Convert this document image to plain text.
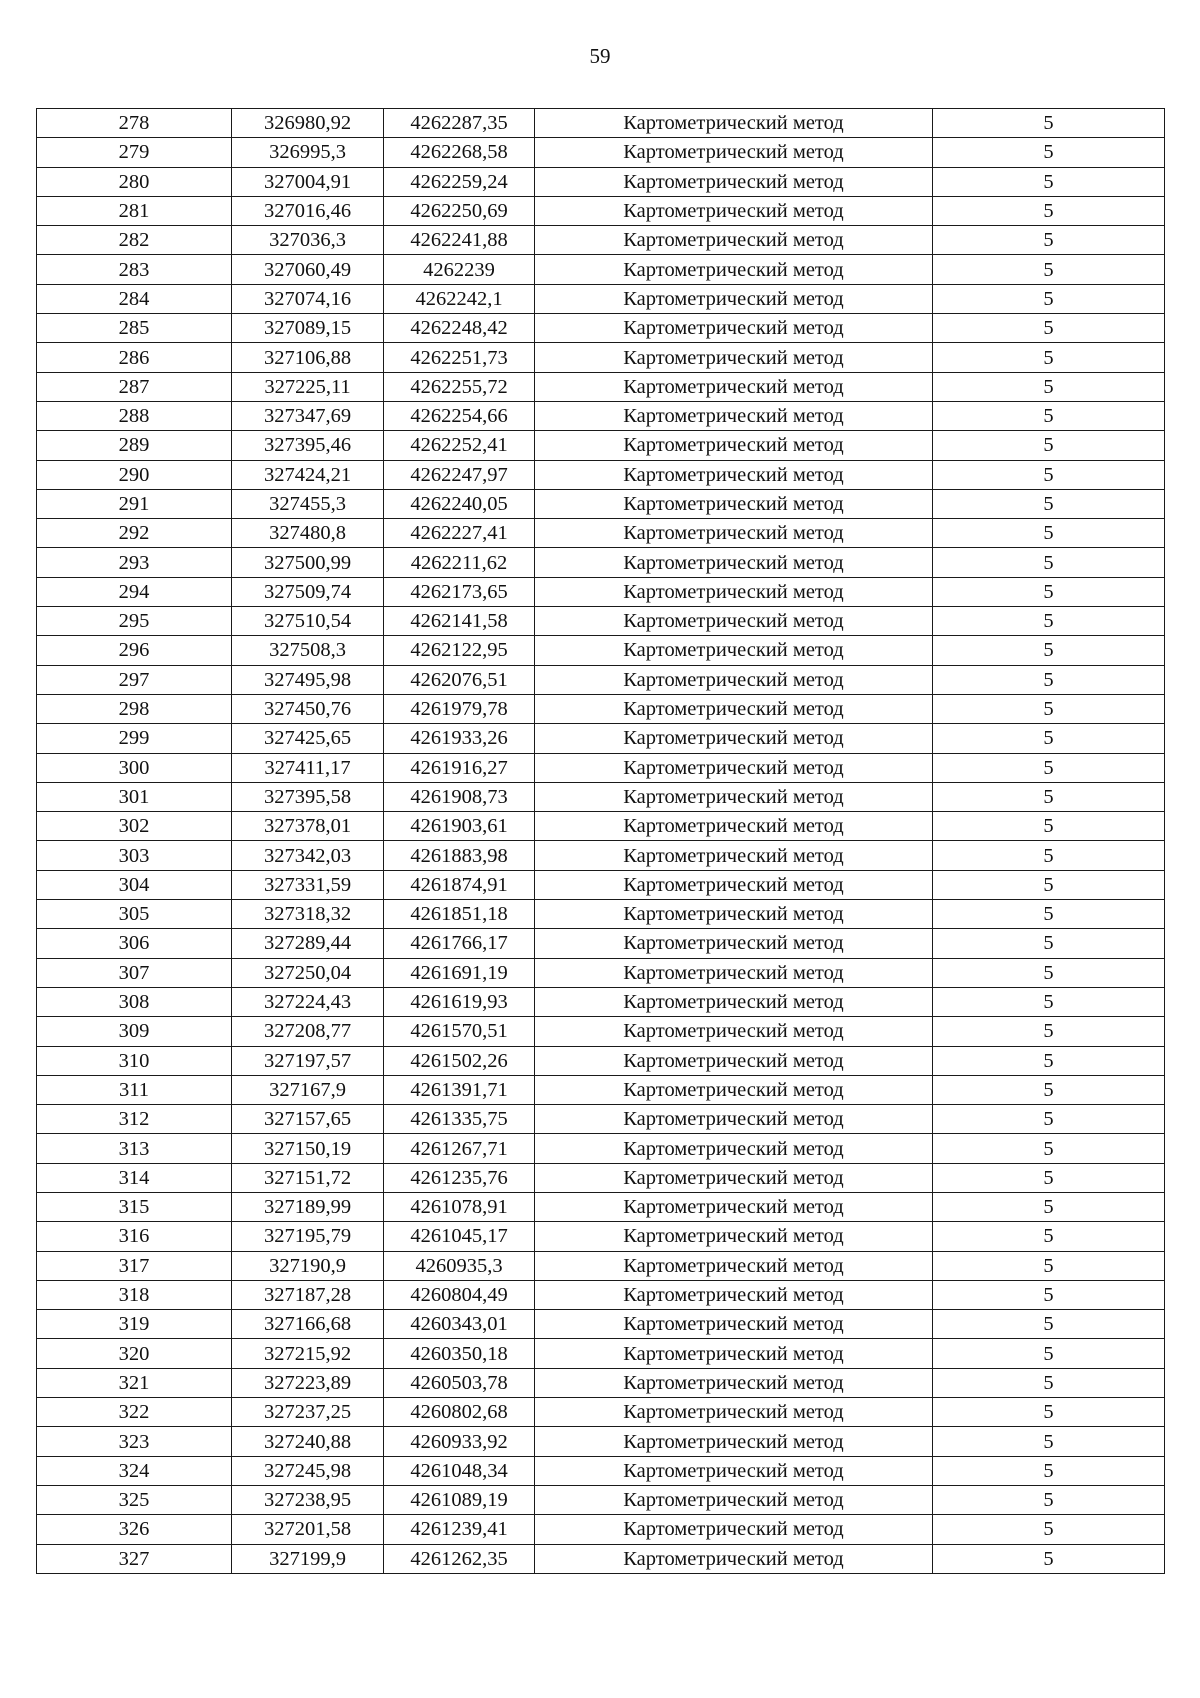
59
278	326980,92	4262287,35	Картометрический метод	5
279	326995,3	4262268,58	Картометрический метод	5
280	327004,91	4262259,24	Картометрический метод	5
281	327016,46	4262250,69	Картометрический метод	5
282	327036,3	4262241,88	Картометрический метод	5
283	327060,49	4262239	Картометрический метод	5
284	327074,16	4262242,1	Картометрический метод	5
285	327089,15	4262248,42	Картометрический метод	5
286	327106,88	4262251,73	Картометрический метод	5
287	327225,11	4262255,72	Картометрический метод	5
288	327347,69	4262254,66	Картометрический метод	5
289	327395,46	4262252,41	Картометрический метод	5
290	327424,21	4262247,97	Картометрический метод	5
291	327455,3	4262240,05	Картометрический метод	5
292	327480,8	4262227,41	Картометрический метод	5
293	327500,99	4262211,62	Картометрический метод	5
294	327509,74	4262173,65	Картометрический метод	5
295	327510,54	4262141,58	Картометрический метод	5
296	327508,3	4262122,95	Картометрический метод	5
297	327495,98	4262076,51	Картометрический метод	5
298	327450,76	4261979,78	Картометрический метод	5
299	327425,65	4261933,26	Картометрический метод	5
300	327411,17	4261916,27	Картометрический метод	5
301	327395,58	4261908,73	Картометрический метод	5
302	327378,01	4261903,61	Картометрический метод	5
303	327342,03	4261883,98	Картометрический метод	5
304	327331,59	4261874,91	Картометрический метод	5
305	327318,32	4261851,18	Картометрический метод	5
306	327289,44	4261766,17	Картометрический метод	5
307	327250,04	4261691,19	Картометрический метод	5
308	327224,43	4261619,93	Картометрический метод	5
309	327208,77	4261570,51	Картометрический метод	5
310	327197,57	4261502,26	Картометрический метод	5
311	327167,9	4261391,71	Картометрический метод	5
312	327157,65	4261335,75	Картометрический метод	5
313	327150,19	4261267,71	Картометрический метод	5
314	327151,72	4261235,76	Картометрический метод	5
315	327189,99	4261078,91	Картометрический метод	5
316	327195,79	4261045,17	Картометрический метод	5
317	327190,9	4260935,3	Картометрический метод	5
318	327187,28	4260804,49	Картометрический метод	5
319	327166,68	4260343,01	Картометрический метод	5
320	327215,92	4260350,18	Картометрический метод	5
321	327223,89	4260503,78	Картометрический метод	5
322	327237,25	4260802,68	Картометрический метод	5
323	327240,88	4260933,92	Картометрический метод	5
324	327245,98	4261048,34	Картометрический метод	5
325	327238,95	4261089,19	Картометрический метод	5
326	327201,58	4261239,41	Картометрический метод	5
327	327199,9	4261262,35	Картометрический метод	5
